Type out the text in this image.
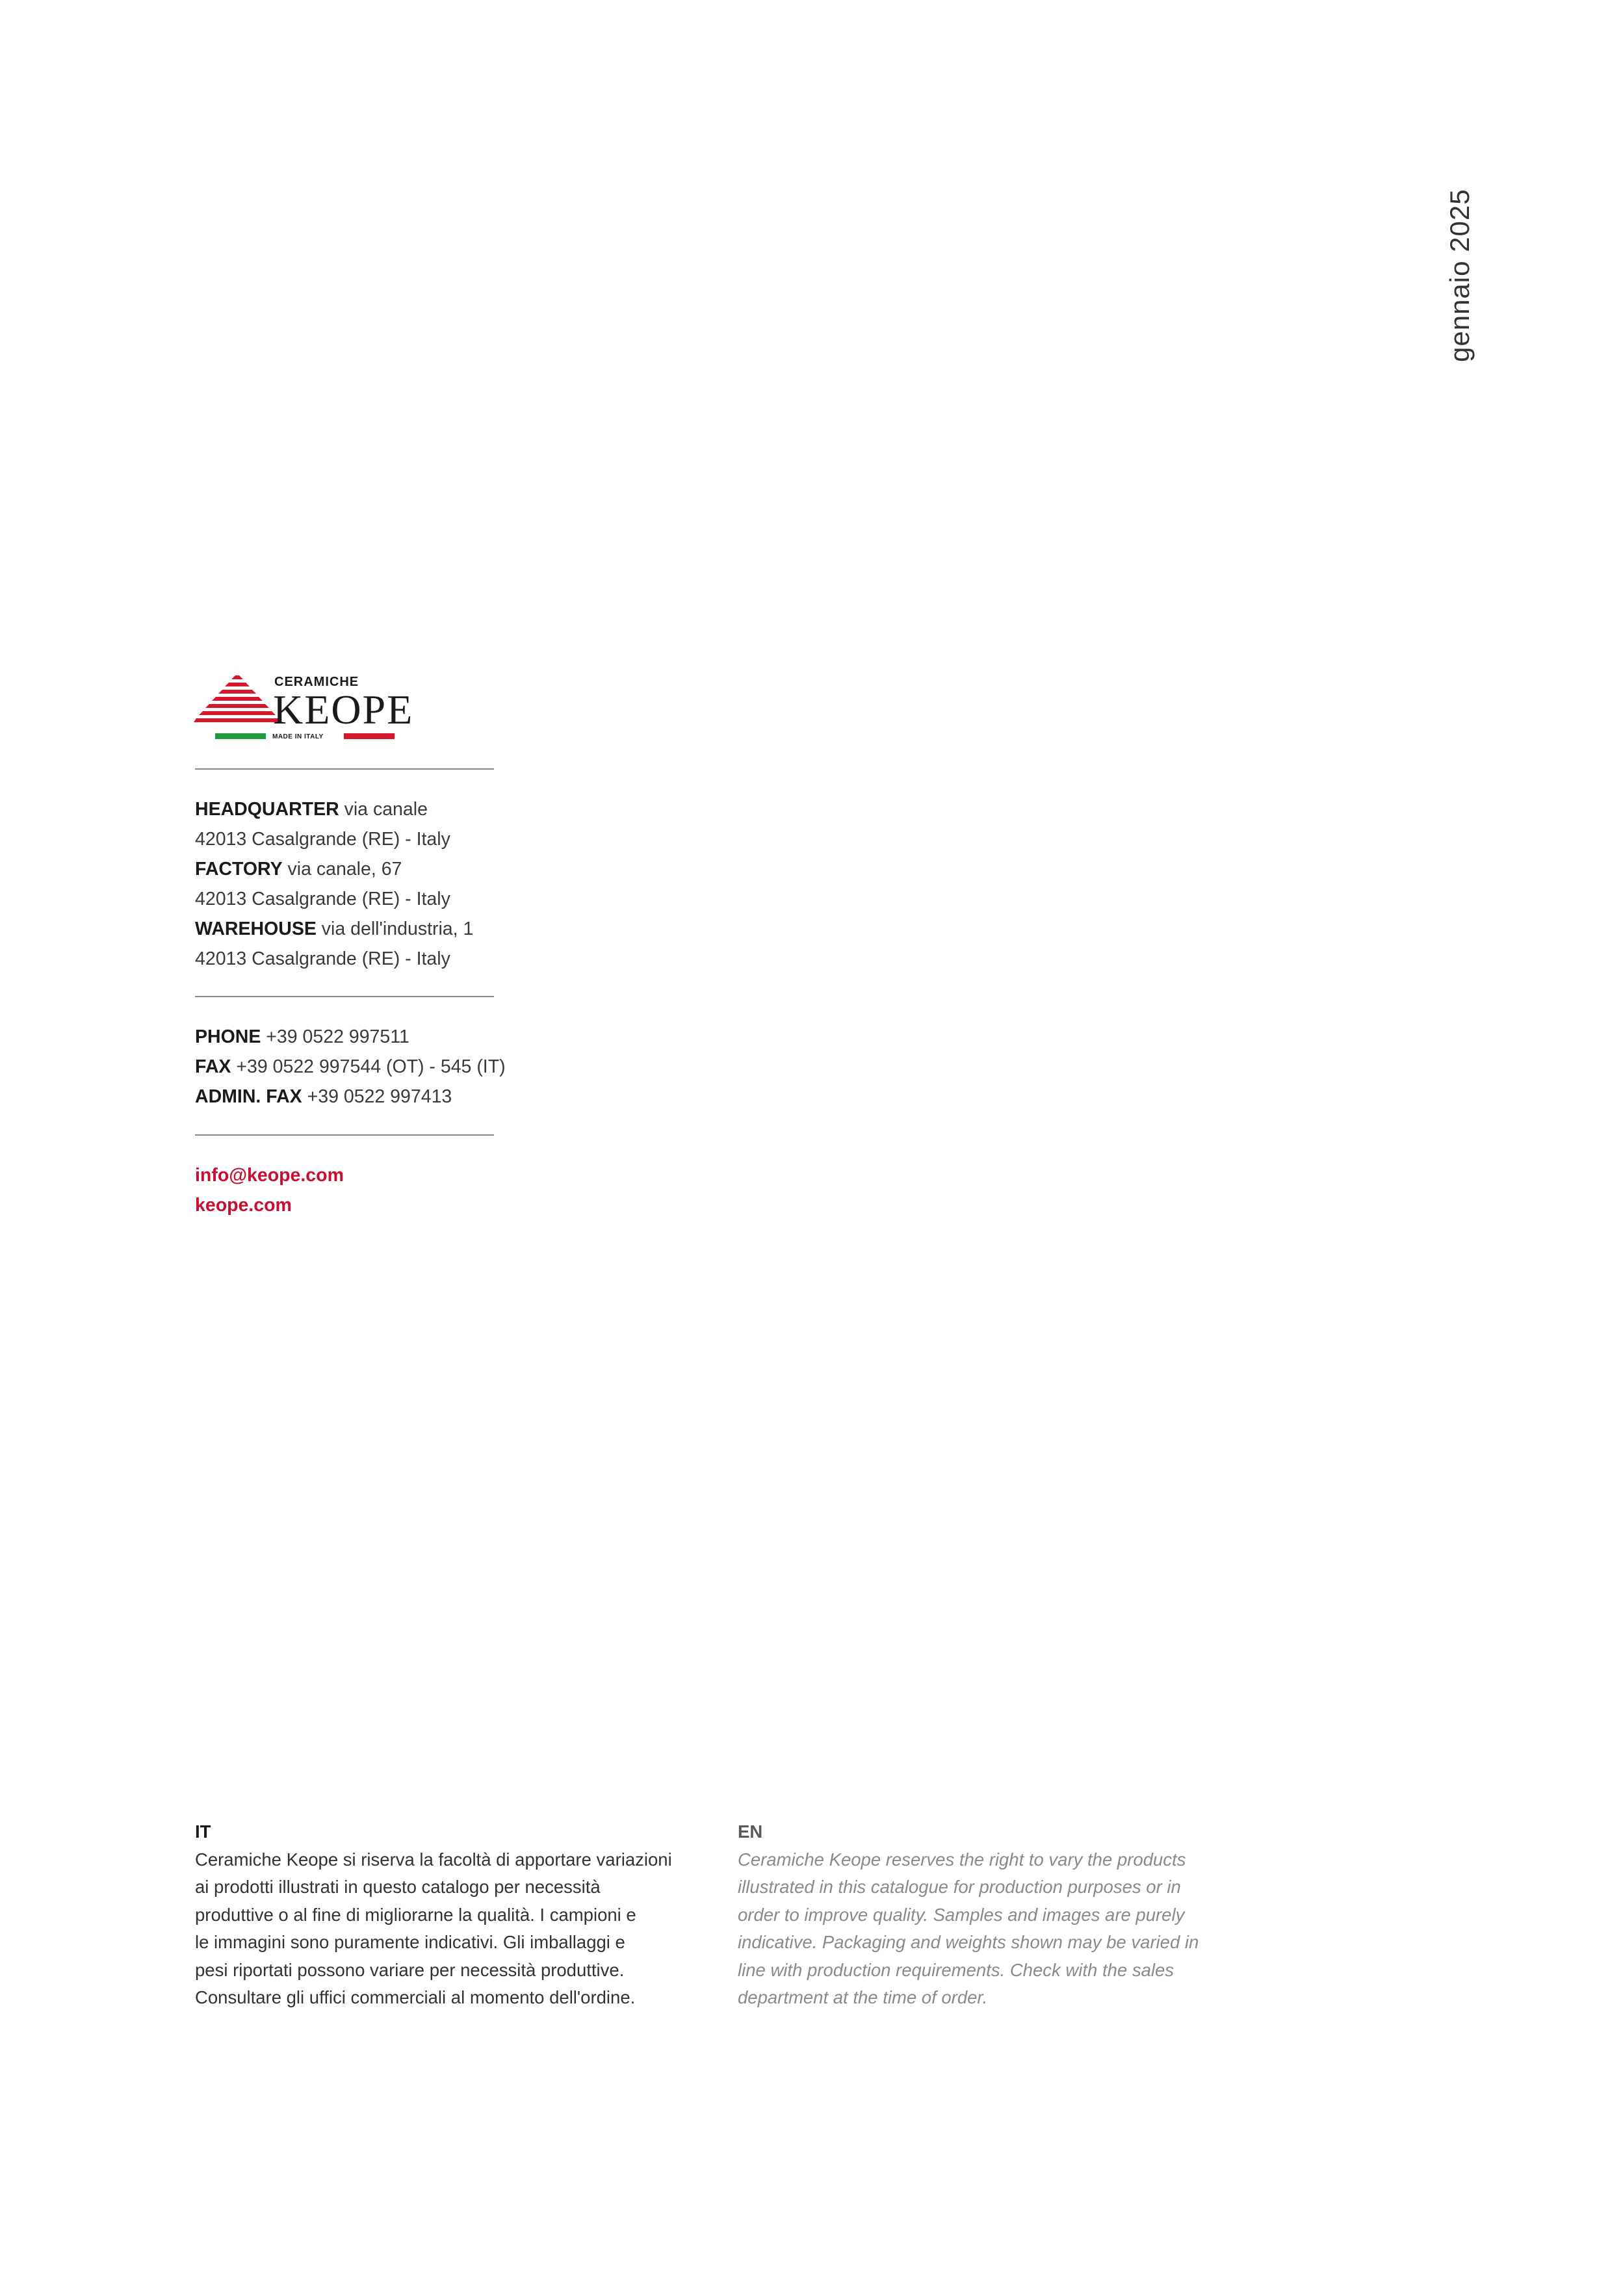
gennaio 2025
CERAMICHE
KEOPE
MADE IN ITALY
HEADQUARTER via canale
42013 Casalgrande (RE) - Italy
FACTORY via canale, 67
42013 Casalgrande (RE) - Italy
WAREHOUSE via dell'industria, 1
42013 Casalgrande (RE) - Italy
PHONE +39 0522 997511
FAX +39 0522 997544 (OT) - 545 (IT)
ADMIN. FAX +39 0522 997413
info@keope.com
keope.com
IT
Ceramiche Keope si riserva la facoltà di apportare variazioni
ai prodotti illustrati in questo catalogo per necessità
produttive o al fine di migliorarne la qualità. I campioni e
le immagini sono puramente indicativi. Gli imballaggi e
pesi riportati possono variare per necessità produttive.
Consultare gli uffici commerciali al momento dell'ordine.
EN
Ceramiche Keope reserves the right to vary the products
illustrated in this catalogue for production purposes or in
order to improve quality. Samples and images are purely
indicative. Packaging and weights shown may be varied in
line with production requirements. Check with the sales
department at the time of order.
